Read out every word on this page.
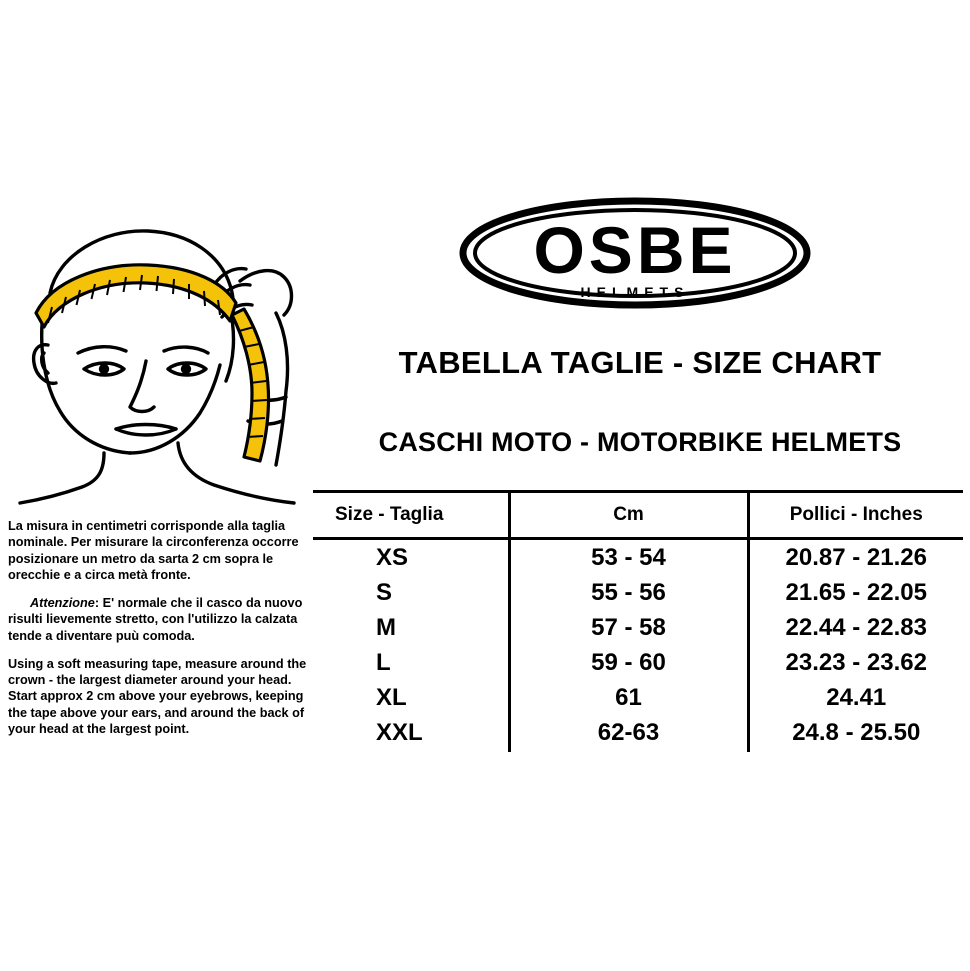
OSBE
HELMETS
TABELLA TAGLIE - SIZE CHART
CASCHI MOTO - MOTORBIKE HELMETS

La misura in centimetri corrisponde alla taglia nominale. Per misurare la circonferenza occorre posizionare un metro da sarta 2 cm sopra le orecchie e a circa metà fronte.

Attenzione: E' normale che il casco da nuovo risulti lievemente stretto, con l'utilizzo la calzata tende a diventare puù comoda.

Using a soft measuring tape, measure around the crown - the largest diameter around your head. Start approx 2 cm above your eyebrows, keeping the tape above your ears, and around the back of your head at the largest point.

Size - Taglia	Cm	Pollici - Inches
XS	53 - 54	20.87 - 21.26
S	55 - 56	21.65 - 22.05
M	57 - 58	22.44 - 22.83
L	59 - 60	23.23 - 23.62
XL	61	24.41
XXL	62-63	24.8 - 25.50
